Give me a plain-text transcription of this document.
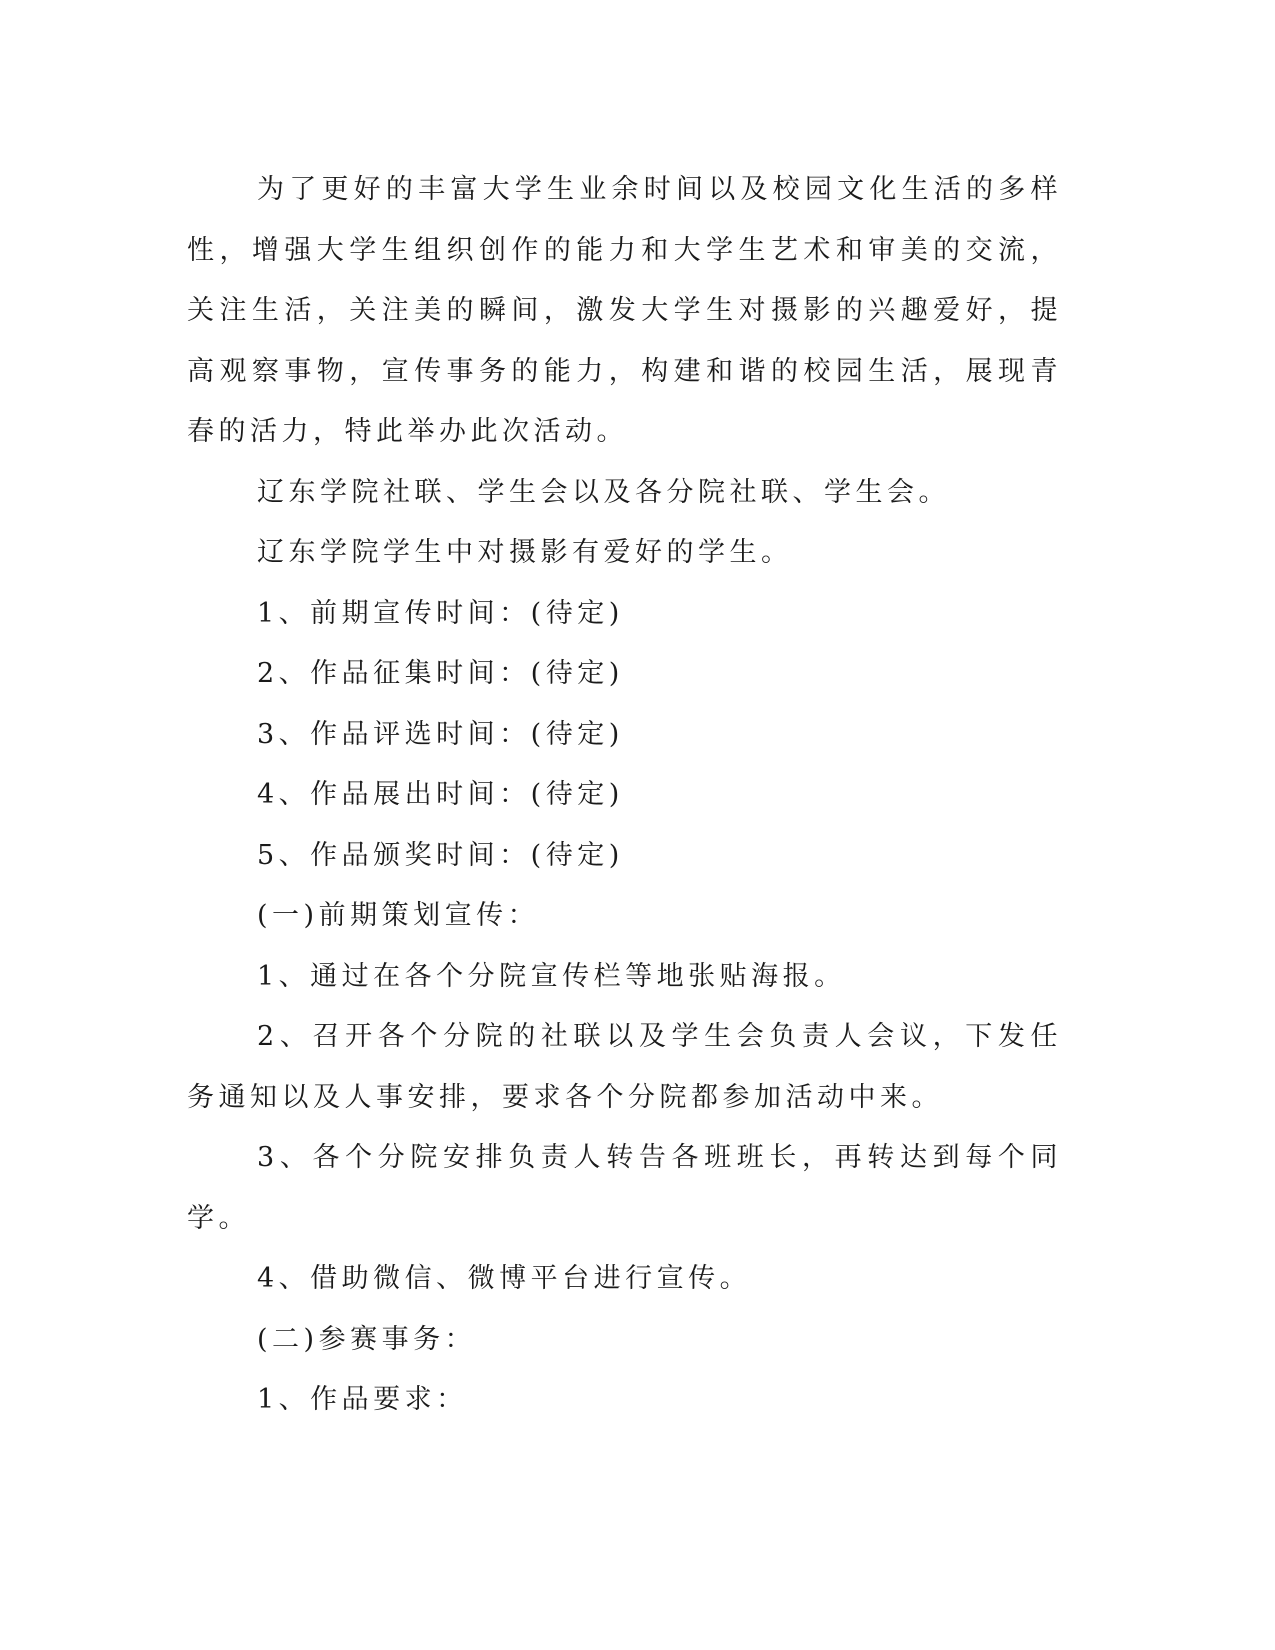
为了更好的丰富大学生业余时间以及校园文化生活的多样性，增强大学生组织创作的能力和大学生艺术和审美的交流，关注生活，关注美的瞬间，激发大学生对摄影的兴趣爱好，提高观察事物，宣传事务的能力，构建和谐的校园生活，展现青春的活力，特此举办此次活动。

辽东学院社联、学生会以及各分院社联、学生会。

辽东学院学生中对摄影有爱好的学生。

1、前期宣传时间：(待定)

2、作品征集时间：(待定)

3、作品评选时间：(待定)

4、作品展出时间：(待定)

5、作品颁奖时间：(待定)

(一)前期策划宣传：

1、通过在各个分院宣传栏等地张贴海报。

2、召开各个分院的社联以及学生会负责人会议，下发任务通知以及人事安排，要求各个分院都参加活动中来。

3、各个分院安排负责人转告各班班长，再转达到每个同学。

4、借助微信、微博平台进行宣传。

(二)参赛事务：

1、作品要求：
